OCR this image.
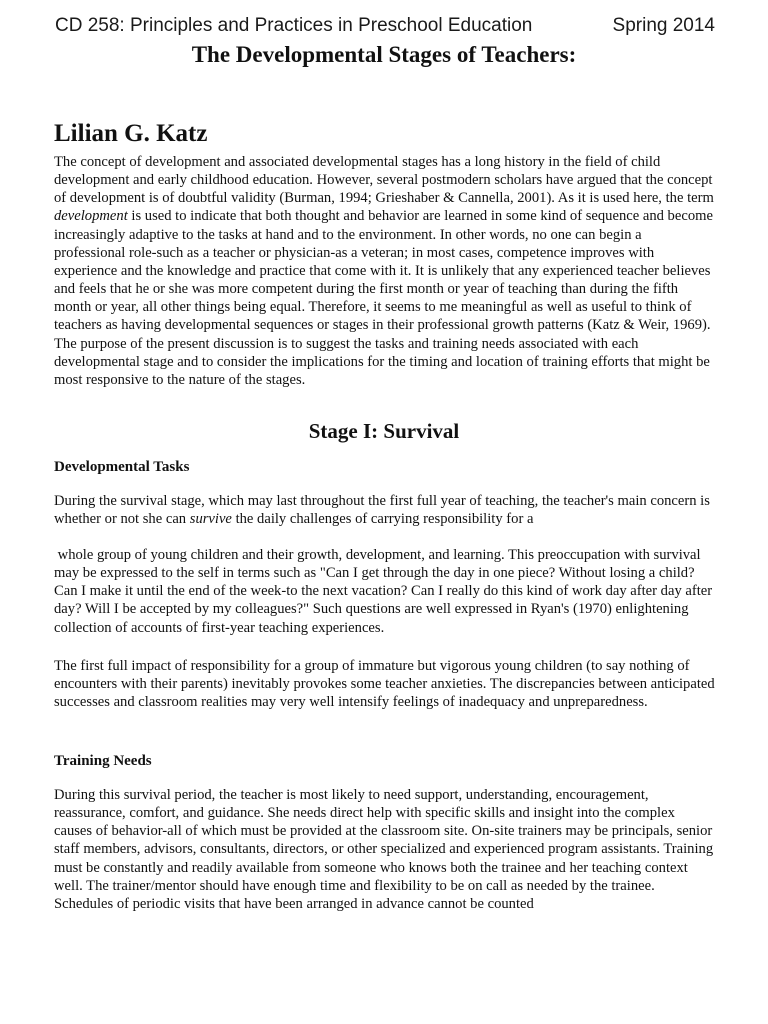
CD 258: Principles and Practices in Preschool Education	Spring 2014
The Developmental Stages of Teachers:
Lilian G. Katz

The concept of development and associated developmental stages has a long history in the field of child development and early childhood education. However, several postmodern scholars have argued that the concept of development is of doubtful validity (Burman, 1994; Grieshaber & Cannella, 2001). As it is used here, the term development is used to indicate that both thought and behavior are learned in some kind of sequence and become increasingly adaptive to the tasks at hand and to the environment. In other words, no one can begin a professional role-such as a teacher or physician-as a veteran; in most cases, competence improves with experience and the knowledge and practice that come with it. It is unlikely that any experienced teacher believes and feels that he or she was more competent during the first month or year of teaching than during the fifth month or year, all other things being equal. Therefore, it seems to me meaningful as well as useful to think of teachers as having developmental sequences or stages in their professional growth patterns (Katz & Weir, 1969). The purpose of the present discussion is to suggest the tasks and training needs associated with each developmental stage and to consider the implications for the timing and location of training efforts that might be most responsive to the nature of the stages.

Stage I: Survival
Developmental Tasks

During the survival stage, which may last throughout the first full year of teaching, the teacher's main concern is whether or not she can survive the daily challenges of carrying responsibility for a

whole group of young children and their growth, development, and learning. This preoccupation with survival may be expressed to the self in terms such as "Can I get through the day in one piece? Without losing a child? Can I make it until the end of the week-to the next vacation? Can I really do this kind of work day after day after day? Will I be accepted by my colleagues?" Such questions are well expressed in Ryan's (1970) enlightening collection of accounts of first-year teaching experiences.

The first full impact of responsibility for a group of immature but vigorous young children (to say nothing of encounters with their parents) inevitably provokes some teacher anxieties. The discrepancies between anticipated successes and classroom realities may very well intensify feelings of inadequacy and unpreparedness.

Training Needs

During this survival period, the teacher is most likely to need support, understanding, encouragement, reassurance, comfort, and guidance. She needs direct help with specific skills and insight into the complex causes of behavior-all of which must be provided at the classroom site. On-site trainers may be principals, senior staff members, advisors, consultants, directors, or other specialized and experienced program assistants. Training must be constantly and readily available from someone who knows both the trainee and her teaching context well. The trainer/mentor should have enough time and flexibility to be on call as needed by the trainee. Schedules of periodic visits that have been arranged in advance cannot be counted
